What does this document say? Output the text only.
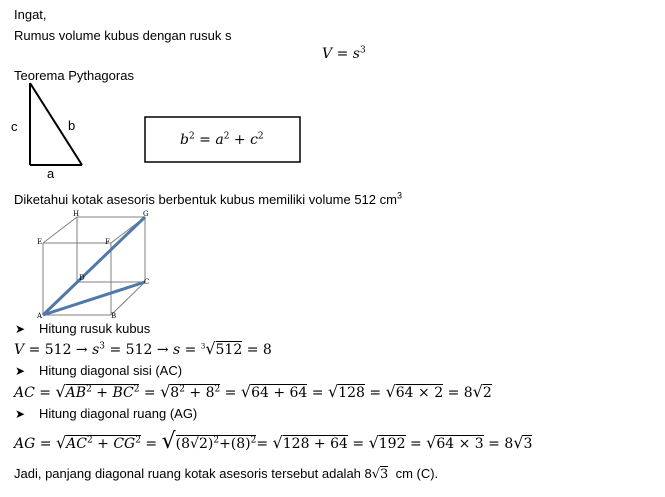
Ingat,
Rumus volume kubus dengan rusuk s
$V = s^3$
Teorema Pythagoras
c	b
a
$b^2 = a^2 + c^2$
Diketahui kotak asesoris berbentuk kubus memiliki volume 512 $cm^3$
H	G
E	F
D	C
A	B
➤ Hitung rusuk kubus
$V = 512 \to s^3 = 512 \to s = ^3√512 = 8$
➤ Hitung diagonal sisi (AC)
AC = $√AB^2 + BC^2 = √8^2 + 8^2 = √64 + 64 = √128 = √64 \times 2 = 8√2$
➤ Hitung diagonal ruang (AG)
AG = $√AC^2 + CG^2 = √(8√2)^2+(8)^2= √128 + 64 = √192 = √64 \times 3 = 8√3$
Jadi, panjang diagonal ruang kotak asesoris tersebut adalah 8√3 cm (C).
